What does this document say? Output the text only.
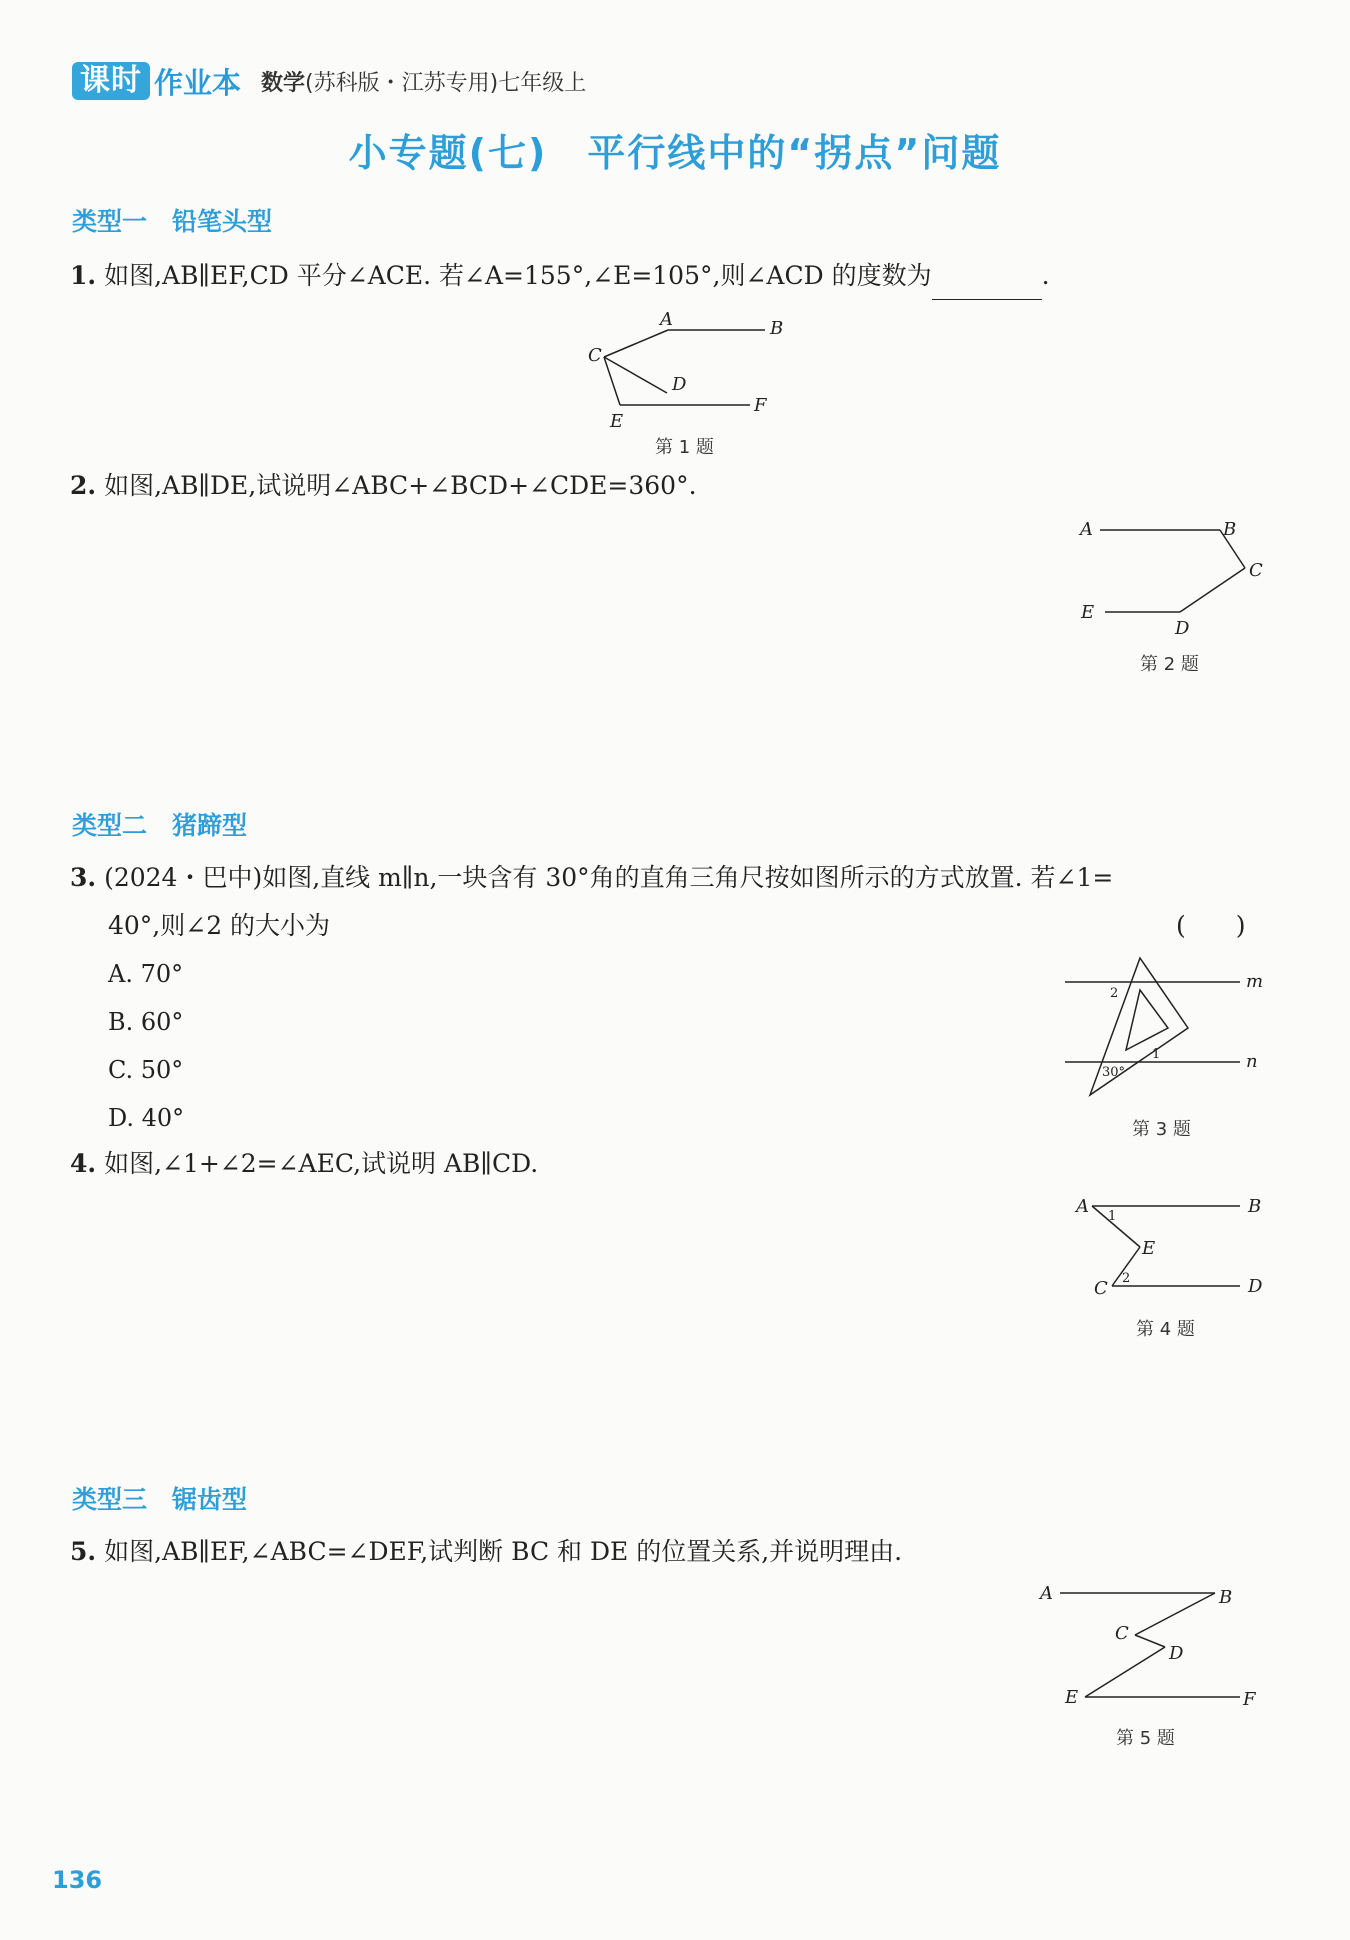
课时 作业本 数学(苏科版・江苏专用)七年级上
小专题(七)　平行线中的“拐点”问题
类型一　铅笔头型
1. 如图,AB∥EF,CD 平分∠ACE. 若∠A=155°,∠E=105°,则∠ACD 的度数为	.
A	B
C
D
E
F
第 1 题
2. 如图,AB∥DE,试说明∠ABC+∠BCD+∠CDE=360°.
A	B
C
D
E
第 2 题
类型二　猪蹄型
3. (2024・巴中)如图,直线 m∥n,一块含有 30°角的直角三角尺按如图所示的方式放置. 若∠1=
40°,则∠2 的大小为	(　　)
A. 70°
B. 60°
C. 50°
D. 40°
m
n
1
2
30°
第 3 题
4. 如图,∠1+∠2=∠AEC,试说明 AB∥CD.
A	B
C	D
E
1
2
第 4 题
类型三　锯齿型
5. 如图,AB∥EF,∠ABC=∠DEF,试判断 BC 和 DE 的位置关系,并说明理由.
A	B
C
D
E	F
第 5 题
136
